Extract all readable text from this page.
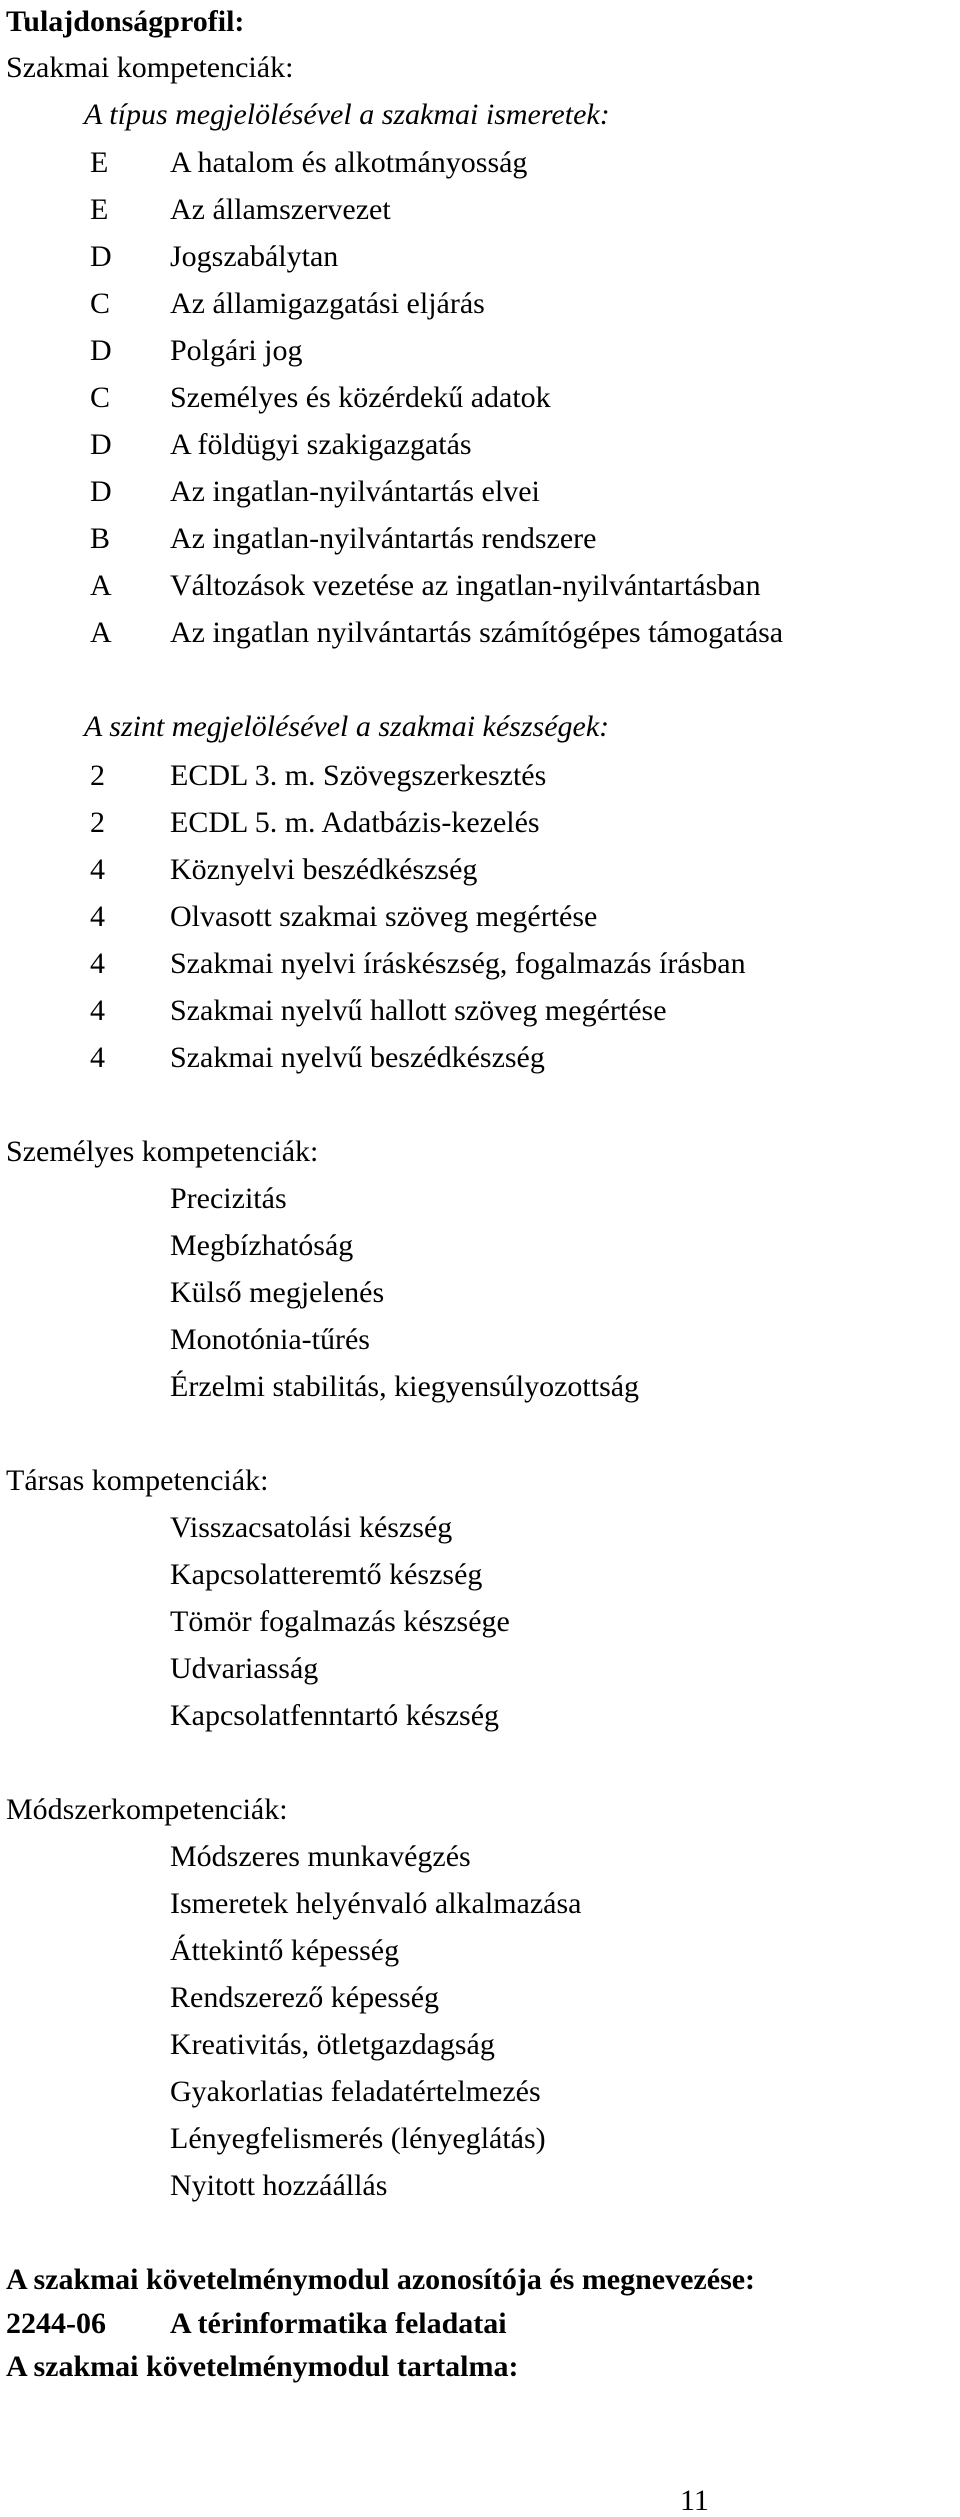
Tulajdonságprofil:
Szakmai kompetenciák:
A típus megjelölésével a szakmai ismeretek:
E	A hatalom és alkotmányosság
E	Az államszervezet
D	Jogszabálytan
C	Az államigazgatási eljárás
D	Polgári jog
C	Személyes és közérdekű adatok
D	A földügyi szakigazgatás
D	Az ingatlan-nyilvántartás elvei
B	Az ingatlan-nyilvántartás rendszere
A	Változások vezetése az ingatlan-nyilvántartásban
A	Az ingatlan nyilvántartás számítógépes támogatása
A szint megjelölésével a szakmai készségek:
2	ECDL 3. m. Szövegszerkesztés
2	ECDL 5. m. Adatbázis-kezelés
4	Köznyelvi beszédkészség
4	Olvasott szakmai szöveg megértése
4	Szakmai nyelvi íráskészség, fogalmazás írásban
4	Szakmai nyelvű hallott szöveg megértése
4	Szakmai nyelvű beszédkészség
Személyes kompetenciák:
Precizitás
Megbízhatóság
Külső megjelenés
Monotónia-tűrés
Érzelmi stabilitás, kiegyensúlyozottság
Társas kompetenciák:
Visszacsatolási készség
Kapcsolatteremtő készség
Tömör fogalmazás készsége
Udvariasság
Kapcsolatfenntartó készség
Módszerkompetenciák:
Módszeres munkavégzés
Ismeretek helyénvaló alkalmazása
Áttekintő képesség
Rendszerező képesség
Kreativitás, ötletgazdagság
Gyakorlatias feladatértelmezés
Lényegfelismerés (lényeglátás)
Nyitott hozzáállás
A szakmai követelménymodul azonosítója és megnevezése:
2244-06 A térinformatika feladatai
A szakmai követelménymodul tartalma:
11
